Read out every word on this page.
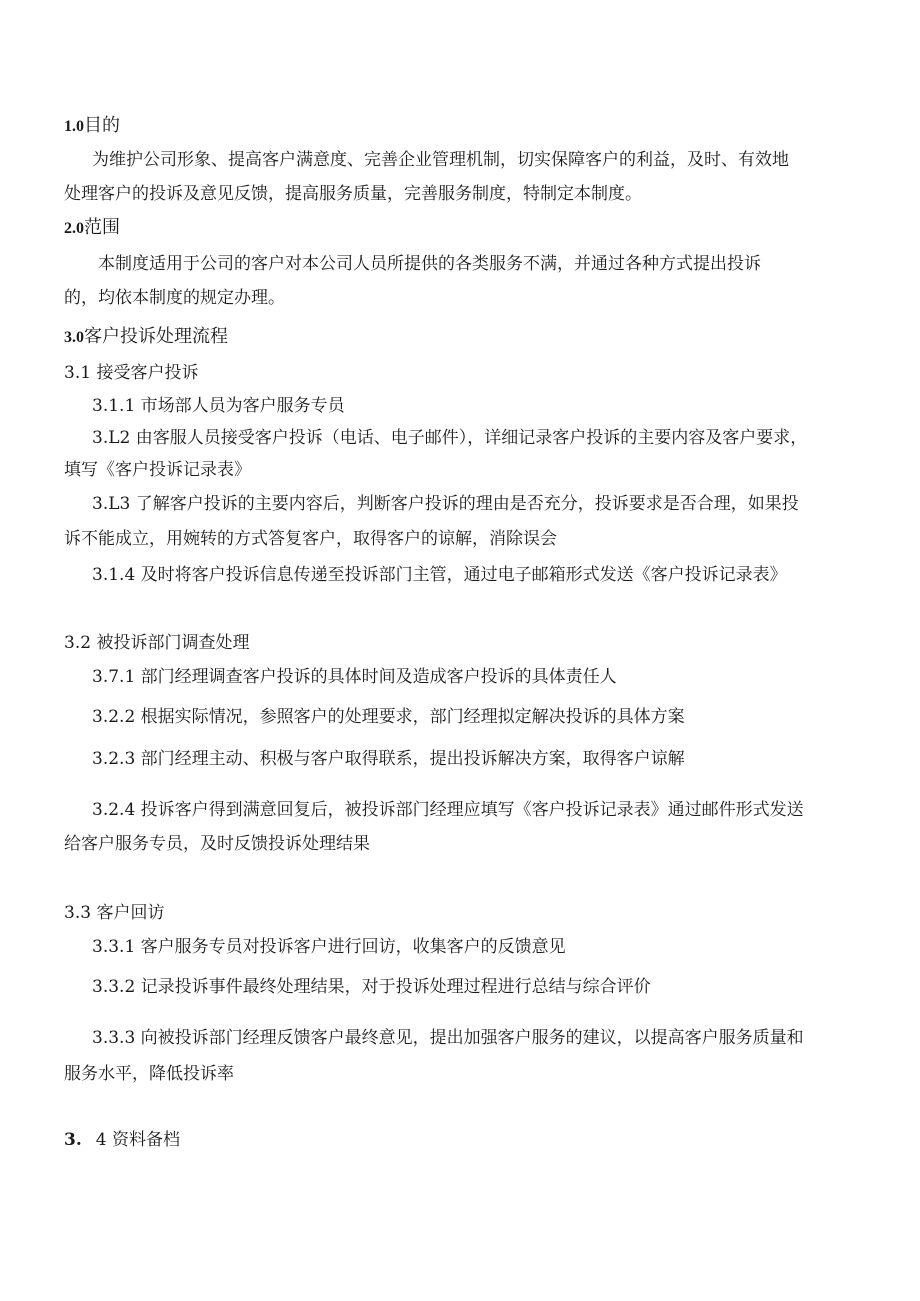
1.0目的
为维护公司形象、提高客户满意度、完善企业管理机制，切实保障客户的利益，及时、有效地
处理客户的投诉及意见反馈，提高服务质量，完善服务制度，特制定本制度。
2.0范围
本制度适用于公司的客户对本公司人员所提供的各类服务不满，并通过各种方式提出投诉
的，均依本制度的规定办理。
3.0客户投诉处理流程
3.1 接受客户投诉
3.1.1 市场部人员为客户服务专员
3.L2 由客服人员接受客户投诉（电话、电子邮件），详细记录客户投诉的主要内容及客户要求，
填写《客户投诉记录表》
3.L3 了解客户投诉的主要内容后，判断客户投诉的理由是否充分，投诉要求是否合理，如果投
诉不能成立，用婉转的方式答复客户，取得客户的谅解，消除误会
3.1.4 及时将客户投诉信息传递至投诉部门主管，通过电子邮箱形式发送《客户投诉记录表》
3.2 被投诉部门调查处理
3.7.1 部门经理调查客户投诉的具体时间及造成客户投诉的具体责任人
3.2.2 根据实际情况，参照客户的处理要求，部门经理拟定解决投诉的具体方案
3.2.3 部门经理主动、积极与客户取得联系，提出投诉解决方案，取得客户谅解
3.2.4 投诉客户得到满意回复后，被投诉部门经理应填写《客户投诉记录表》通过邮件形式发送
给客户服务专员，及时反馈投诉处理结果
3.3 客户回访
3.3.1 客户服务专员对投诉客户进行回访，收集客户的反馈意见
3.3.2 记录投诉事件最终处理结果，对于投诉处理过程进行总结与综合评价
3.3.3 向被投诉部门经理反馈客户最终意见，提出加强客户服务的建议，以提高客户服务质量和
服务水平，降低投诉率
3. 4 资料备档
